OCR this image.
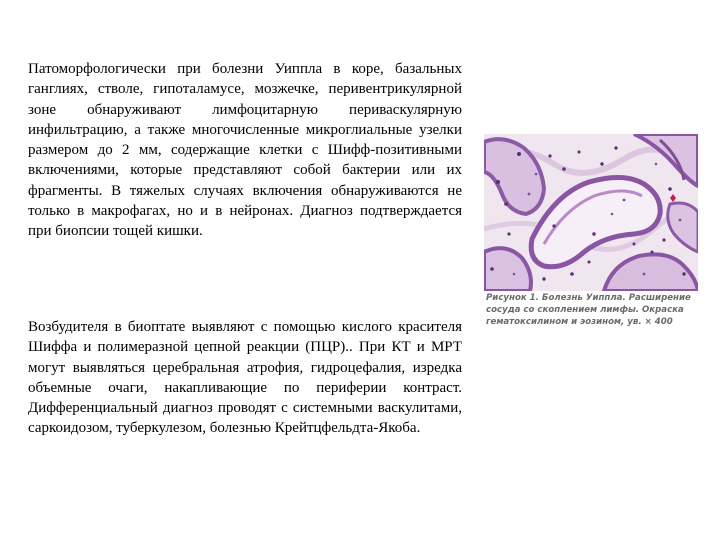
Патоморфологически при болезни Уиппла в коре, базальных ганглиях, стволе, гипоталамусе, мозжечке, перивентрикулярной зоне обнаруживают лимфоцитарную периваскулярную инфильтрацию, а также многочисленные микроглиальные узелки размером до 2 мм, содержащие клетки с Шифф-позитивными включениями, которые представляют собой бактерии или их фрагменты. В тяжелых случаях включения обнаруживаются не только в макрофагах, но и в нейронах. Диагноз подтверждается при биопсии тощей кишки.

Рисунок 1. Болезнь Уиппла. Расширение сосуда со скоплением лимфы. Окраска гематоксилином и эозином, ув. × 400

Возбудителя в биоптате выявляют с помощью кислого красителя Шиффа и полимеразной цепной реакции (ПЦР).. При КТ и МРТ могут выявляться церебральная атрофия, гидроцефалия, изредка объемные очаги, накапливающие по периферии контраст. Дифференциальный диагноз проводят с системными васкулитами, саркоидозом, туберкулезом, болезнью Крейтцфельдта-Якоба.
